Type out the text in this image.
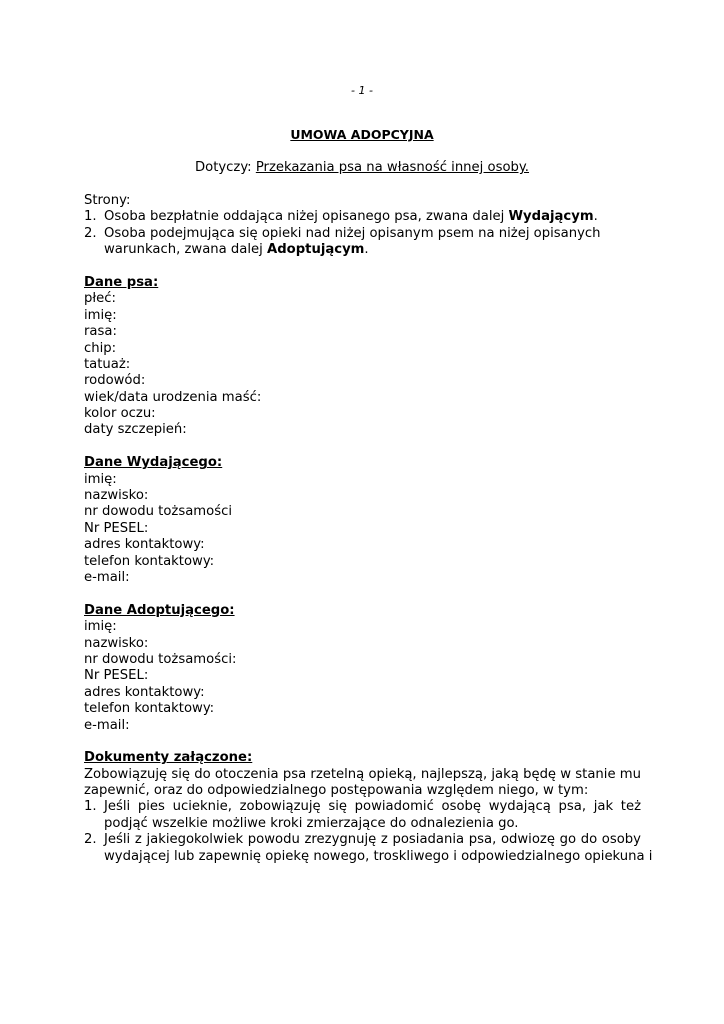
- 1 -
UMOWA ADOPCYJNA
Dotyczy: Przekazania psa na własność innej osoby.
Strony:
1. Osoba bezpłatnie oddająca niżej opisanego psa, zwana dalej Wydającym.
2. Osoba podejmująca się opieki nad niżej opisanym psem na niżej opisanych
warunkach, zwana dalej Adoptującym.
Dane psa:
płeć:
imię:
rasa:
chip:
tatuaż:
rodowód:
wiek/data urodzenia maść:
kolor oczu:
daty szczepień:
Dane Wydającego:
imię:
nazwisko:
nr dowodu tożsamości
Nr PESEL:
adres kontaktowy:
telefon kontaktowy:
e-mail:
Dane Adoptującego:
imię:
nazwisko:
nr dowodu tożsamości:
Nr PESEL:
adres kontaktowy:
telefon kontaktowy:
e-mail:
Dokumenty załączone:
Zobowiązuję się do otoczenia psa rzetelną opieką, najlepszą, jaką będę w stanie mu
zapewnić, oraz do odpowiedzialnego postępowania względem niego, w tym:
1. Jeśli pies ucieknie, zobowiązuję się powiadomić osobę wydającą psa, jak też
podjąć wszelkie możliwe kroki zmierzające do odnalezienia go.
2. Jeśli z jakiegokolwiek powodu zrezygnuję z posiadania psa, odwiozę go do osoby
wydającej lub zapewnię opiekę nowego, troskliwego i odpowiedzialnego opiekuna i
